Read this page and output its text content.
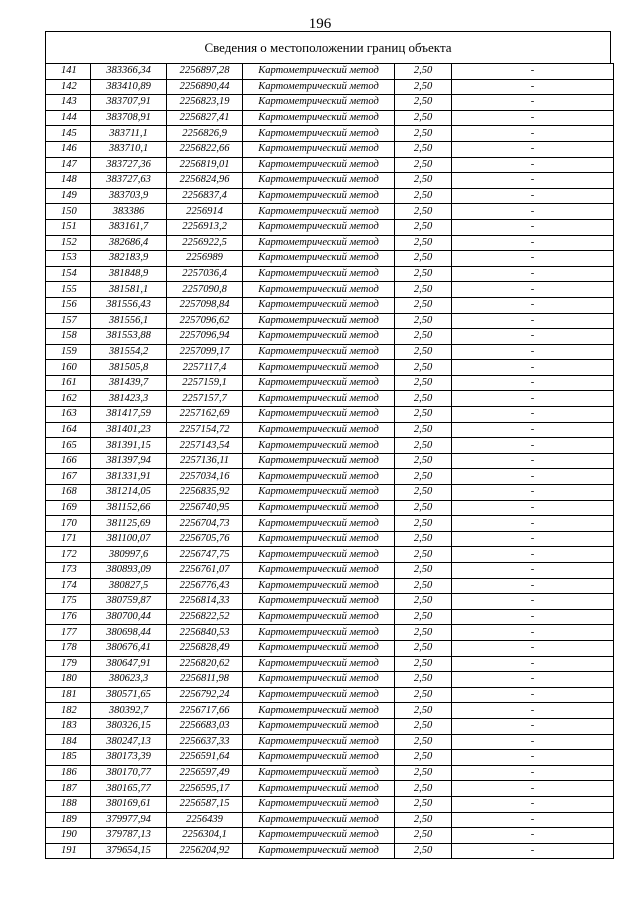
196
Сведения о местоположении границ объекта
141	383366,34	2256897,28	Картометрический метод	2,50	-
142	383410,89	2256890,44	Картометрический метод	2,50	-
143	383707,91	2256823,19	Картометрический метод	2,50	-
144	383708,91	2256827,41	Картометрический метод	2,50	-
145	383711,1	2256826,9	Картометрический метод	2,50	-
146	383710,1	2256822,66	Картометрический метод	2,50	-
147	383727,36	2256819,01	Картометрический метод	2,50	-
148	383727,63	2256824,96	Картометрический метод	2,50	-
149	383703,9	2256837,4	Картометрический метод	2,50	-
150	383386	2256914	Картометрический метод	2,50	-
151	383161,7	2256913,2	Картометрический метод	2,50	-
152	382686,4	2256922,5	Картометрический метод	2,50	-
153	382183,9	2256989	Картометрический метод	2,50	-
154	381848,9	2257036,4	Картометрический метод	2,50	-
155	381581,1	2257090,8	Картометрический метод	2,50	-
156	381556,43	2257098,84	Картометрический метод	2,50	-
157	381556,1	2257096,62	Картометрический метод	2,50	-
158	381553,88	2257096,94	Картометрический метод	2,50	-
159	381554,2	2257099,17	Картометрический метод	2,50	-
160	381505,8	2257117,4	Картометрический метод	2,50	-
161	381439,7	2257159,1	Картометрический метод	2,50	-
162	381423,3	2257157,7	Картометрический метод	2,50	-
163	381417,59	2257162,69	Картометрический метод	2,50	-
164	381401,23	2257154,72	Картометрический метод	2,50	-
165	381391,15	2257143,54	Картометрический метод	2,50	-
166	381397,94	2257136,11	Картометрический метод	2,50	-
167	381331,91	2257034,16	Картометрический метод	2,50	-
168	381214,05	2256835,92	Картометрический метод	2,50	-
169	381152,66	2256740,95	Картометрический метод	2,50	-
170	381125,69	2256704,73	Картометрический метод	2,50	-
171	381100,07	2256705,76	Картометрический метод	2,50	-
172	380997,6	2256747,75	Картометрический метод	2,50	-
173	380893,09	2256761,07	Картометрический метод	2,50	-
174	380827,5	2256776,43	Картометрический метод	2,50	-
175	380759,87	2256814,33	Картометрический метод	2,50	-
176	380700,44	2256822,52	Картометрический метод	2,50	-
177	380698,44	2256840,53	Картометрический метод	2,50	-
178	380676,41	2256828,49	Картометрический метод	2,50	-
179	380647,91	2256820,62	Картометрический метод	2,50	-
180	380623,3	2256811,98	Картометрический метод	2,50	-
181	380571,65	2256792,24	Картометрический метод	2,50	-
182	380392,7	2256717,66	Картометрический метод	2,50	-
183	380326,15	2256683,03	Картометрический метод	2,50	-
184	380247,13	2256637,33	Картометрический метод	2,50	-
185	380173,39	2256591,64	Картометрический метод	2,50	-
186	380170,77	2256597,49	Картометрический метод	2,50	-
187	380165,77	2256595,17	Картометрический метод	2,50	-
188	380169,61	2256587,15	Картометрический метод	2,50	-
189	379977,94	2256439	Картометрический метод	2,50	-
190	379787,13	2256304,1	Картометрический метод	2,50	-
191	379654,15	2256204,92	Картометрический метод	2,50	-
